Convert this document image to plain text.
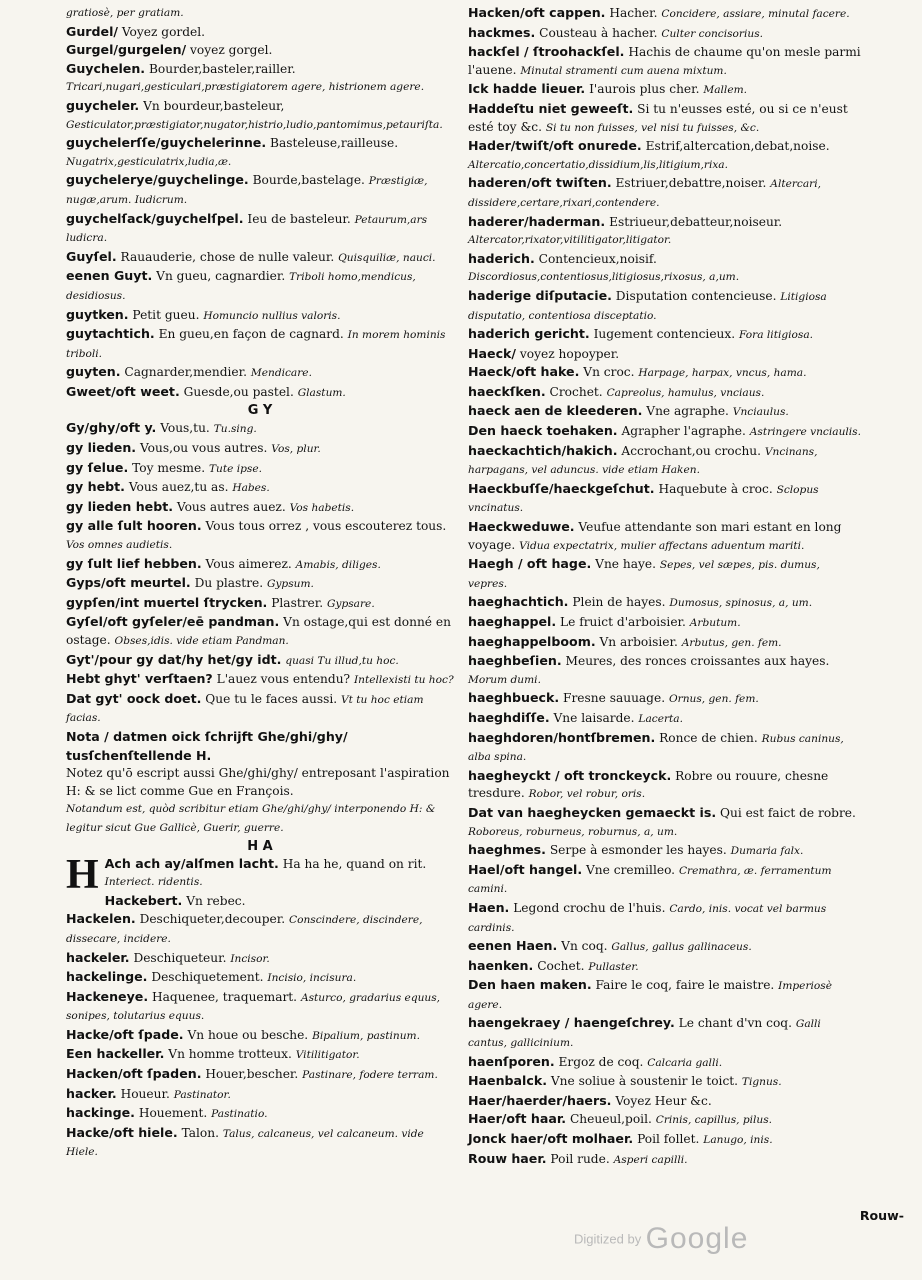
gratiosè, per gratiam.
Gurdel/ Voyez gordel.
Gurgel/gurgelen/ voyez gorgel.
Guychelen. Bourder,basteler,railler. Tricari,nugari,gesticulari,præstigiatorem agere, histrionem agere.
guycheler. Vn bourdeur,basteleur, Gesticulator,præstigiator,nugator,histrio,ludio,pantomimus,petauriſta.
guychelerſſe/guychelerinne. Basteleuse,railleuse. Nugatrix,gesticulatrix,ludia,æ.
guychelerye/guychelinge. Bourde,bastelage. Præstigiæ, nugæ,arum. Iudicrum.
guychelſack/guychelſpel. Ieu de basteleur. Petaurum,ars ludicra.
Guyſel. Rauauderie, chose de nulle valeur. Quisquiliæ, nauci.
eenen Guyt. Vn gueu, cagnardier. Triboli homo,mendicus, desidiosus.
guytken. Petit gueu. Homuncio nullius valoris.
guytachtich. En gueu,en façon de cagnard. In morem hominis triboli.
guyten. Cagnarder,mendier. Mendicare.
Gweet/oft weet. Guesde,ou pastel. Glastum.
G Y
Gy/ghy/oft y. Vous,tu. Tu.sing.
gy lieden. Vous,ou vous autres. Vos, plur.
gy ſelue. Toy mesme. Tute ipse.
gy hebt. Vous auez,tu as. Habes.
gy lieden hebt. Vous autres auez. Vos habetis.
gy alle ſult hooren. Vous tous orrez , vous escouterez tous. Vos omnes audietis.
gy ſult lief hebben. Vous aimerez. Amabis, diliges.
Gyps/oft meurtel. Du plastre. Gypsum.
gypſen/int muertel ſtrycken. Plastrer. Gypsare.
Gyſel/oft gyſeler/eē pandman. Vn ostage,qui est donné en ostage. Obses,idis. vide etiam Pandman.
Gyt'/pour gy dat/hy het/gy idt. quasi Tu illud,tu hoc.
Hebt ghyt' verſtaen? L'auez vous entendu? Intellexisti tu hoc?
Dat gyt' oock doet. Que tu le faces aussi. Vt tu hoc etiam facias.
Nota / datmen oick ſchrijft Ghe/ghi/ghy/ tusſchenſtellende H.
Notez qu'ō escript aussi Ghe/ghi/ghy/ entreposant l'aspiration H: & se lict comme Gue en François.
Notandum est, quòd scribitur etiam Ghe/ghi/ghy/ interponendo H: & legitur sicut Gue Gallicè, Guerir, guerre.
H A
H Ach ach ay/alſmen lacht. Ha ha he, quand on rit. Interiect. ridentis.
Hackebert. Vn rebec.
Hackelen. Deschiqueter,decouper. Conscindere, discindere, dissecare, incidere.
hackeler. Deschiqueteur. Incisor.
hackelinge. Deschiquetement. Incisio, incisura.
Hackeneye. Haquenee, traquemart. Asturco, gradarius equus, sonipes, tolutarius equus.
Hacke/oft ſpade. Vn houe ou besche. Bipalium, pastinum.
Een hackeller. Vn homme trotteux. Vitilitigator.
Hacken/oft ſpaden. Houer,bescher. Pastinare, fodere terram.
hacker. Houeur. Pastinator.
hackinge. Houement. Pastinatio.
Hacke/oft hiele. Talon. Talus, calcaneus, vel calcaneum. vide Hiele.
Hacken/oft cappen. Hacher. Concidere, assiare, minutal facere.
hackmes. Cousteau à hacher. Culter concisorius.
hackſel / ſtroohackſel. Hachis de chaume qu'on mesle parmi l'auene. Minutal stramenti cum auena mixtum.
Ick hadde lieuer. I'aurois plus cher. Mallem.
Haddeſtu niet geweeſt. Si tu n'eusses esté, ou si ce n'eust esté toy &c. Si tu non fuisses, vel nisi tu fuisses, &c.
Hader/twiſt/oft onurede. Estrif,altercation,debat,noise. Altercatio,concertatio,dissidium,lis,litigium,rixa.
haderen/oft twiſten. Estriuer,debattre,noiser. Altercari, dissidere,certare,rixari,contendere.
haderer/haderman. Estriueur,debatteur,noiseur. Altercator,rixator,vitilitigator,litigator.
haderich. Contencieux,noisif. Discordiosus,contentiosus,litigiosus,rixosus, a,um.
haderige diſputacie. Disputation contencieuse. Litigiosa disputatio, contentiosa disceptatio.
haderich gericht. Iugement contencieux. Fora litigiosa.
Haeck/ voyez hopoyper.
Haeck/oft hake. Vn croc. Harpage, harpax, vncus, hama.
haeckſken. Crochet. Capreolus, hamulus, vnciaus.
haeck aen de kleederen. Vne agraphe. Vnciaulus.
Den haeck toehaken. Agrapher l'agraphe. Astringere vnciaulis.
haeckachtich/hakich. Accrochant,ou crochu. Vncinans, harpagans, vel aduncus. vide etiam Haken.
Haeckbuſſe/haeckgeſchut. Haquebute à croc. Sclopus vncinatus.
Haeckweduwe. Veufue attendante son mari estant en long voyage. Vidua expectatrix, mulier affectans aduentum mariti.
Haegh / oft hage. Vne haye. Sepes, vel sæpes, pis. dumus, vepres.
haeghachtich. Plein de hayes. Dumosus, spinosus, a, um.
haeghappel. Le fruict d'arboisier. Arbutum.
haeghappelboom. Vn arboisier. Arbutus, gen. fem.
haeghbeſien. Meures, des ronces croissantes aux hayes. Morum dumi.
haeghbueck. Fresne sauuage. Ornus, gen. fem.
haeghdiſſe. Vne laisarde. Lacerta.
haeghdoren/hontſbremen. Ronce de chien. Rubus caninus, alba spina.
haegheyckt / oft tronckeyck. Robre ou rouure, chesne tresdure. Robor, vel robur, oris.
Dat van haegheycken gemaeckt is. Qui est faict de robre. Roboreus, roburneus, roburnus, a, um.
haeghmes. Serpe à esmonder les hayes. Dumaria falx.
Hael/oft hangel. Vne cremilleo. Cremathra, æ. ferramentum camini.
Haen. Legond crochu de l'huis. Cardo, inis. vocat vel barmus cardinis.
eenen Haen. Vn coq. Gallus, gallus gallinaceus.
haenken. Cochet. Pullaster.
Den haen maken. Faire le coq, faire le maistre. Imperiosè agere.
haengekraey / haengeſchrey. Le chant d'vn coq. Galli cantus, gallicinium.
haenſporen. Ergoz de coq. Calcaria galli.
Haenbalck. Vne soliue à soustenir le toict. Tignus.
Haer/haerder/haers. Voyez Heur &c.
Haer/oft haar. Cheueul,poil. Crinis, capillus, pilus.
Jonck haer/oft molhaer. Poil follet. Lanugo, inis.
Rouw haer. Poil rude. Asperi capilli.
Rouw-
Digitized by Google
